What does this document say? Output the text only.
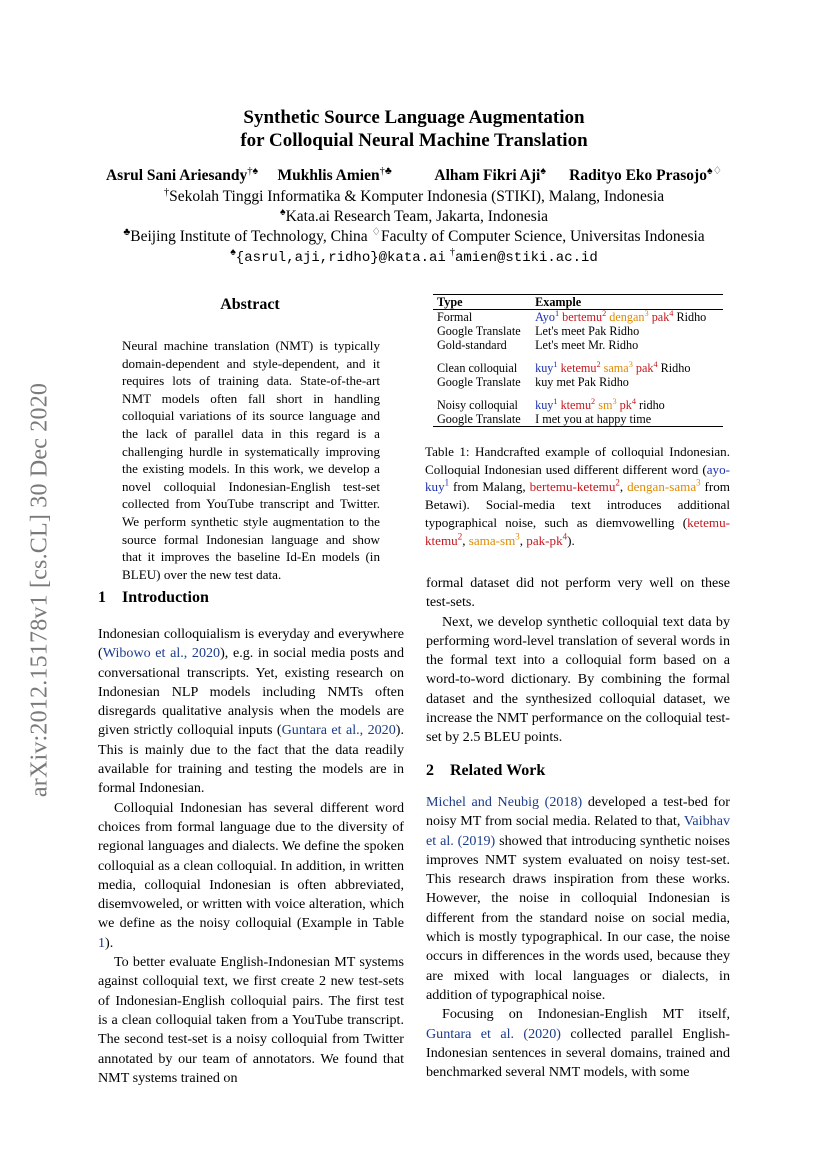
arXiv:2012.15178v1 [cs.CL] 30 Dec 2020
Synthetic Source Language Augmentation
for Colloquial Neural Machine Translation
Asrul Sani Ariesandy†♠ Mukhlis Amien†♣	Alham Fikri Aji♠ Radityo Eko Prasojo♠♢
†Sekolah Tinggi Informatika & Komputer Indonesia (STIKI), Malang, Indonesia
♠Kata.ai Research Team, Jakarta, Indonesia
♣Beijing Institute of Technology, China ♢Faculty of Computer Science, Universitas Indonesia
♠{asrul,aji,ridho}@kata.ai †amien@stiki.ac.id
Abstract
Neural machine translation (NMT) is typically domain-dependent and style-dependent, and it requires lots of training data. State-of-the-art NMT models often fall short in handling colloquial variations of its source language and the lack of parallel data in this regard is a challenging hurdle in systematically improving the existing models. In this work, we develop a novel colloquial Indonesian-English test-set collected from YouTube transcript and Twitter. We perform synthetic style augmentation to the source formal Indonesian language and show that it improves the baseline Id-En models (in BLEU) over the new test data.
Type	Example
Formal	Ayo$^1$ bertemu$^2$ dengan$^3$ pak$^4$ Ridho
Google Translate	Let's meet Pak Ridho
Gold-standard	Let's meet Mr. Ridho

Clean colloquial	kuy$^1$ ketemu$^2$ sama$^3$ pak$^4$ Ridho
Google Translate	kuy met Pak Ridho

Noisy colloquial	kuy$^1$ ktemu$^2$ $sm^3$ $pk^4$ ridho
Google Translate	I met you at happy time
Table 1: Handcrafted example of colloquial Indonesian. Colloquial Indonesian used different different word (ayo-kuy$^1$ from Malang, bertemu-ketemu$^2$, dengan-sama$^3$ from Betawi). Social-media text introduces additional typographical noise, such as diemvowelling (ketemu-ktemu$^2$, sama-$sm^3$, pak-$pk^4$).
1 Introduction

Indonesian colloquialism is everyday and everywhere (Wibowo et al., 2020), e.g. in social media posts and conversational transcripts. Yet, existing research on Indonesian NLP models including NMTs often disregards qualitative analysis when the models are given strictly colloquial inputs (Guntara et al., 2020). This is mainly due to the fact that the data readily available for training and testing the models are in formal Indonesian.

Colloquial Indonesian has several different word choices from formal language due to the diversity of regional languages and dialects. We define the spoken colloquial as a clean colloquial. In addition, in written media, colloquial Indonesian is often abbreviated, disemvoweled, or written with voice alteration, which we define as the noisy colloquial (Example in Table 1).

To better evaluate English-Indonesian MT systems against colloquial text, we first create 2 new test-sets of Indonesian-English colloquial pairs. The first test is a clean colloquial taken from a YouTube transcript. The second test-set is a noisy colloquial from Twitter annotated by our team of annotators. We found that NMT systems trained on

formal dataset did not perform very well on these test-sets.

Next, we develop synthetic colloquial text data by performing word-level translation of several words in the formal text into a colloquial form based on a word-to-word dictionary. By combining the formal dataset and the synthesized colloquial dataset, we increase the NMT performance on the colloquial test-set by 2.5 BLEU points.

2 Related Work

Michel and Neubig (2018) developed a test-bed for noisy MT from social media. Related to that, Vaibhav et al. (2019) showed that introducing synthetic noises improves NMT system evaluated on noisy test-set. This research draws inspiration from these works. However, the noise in colloquial Indonesian is different from the standard noise on social media, which is mostly typographical. In our case, the noise occurs in differences in the words used, because they are mixed with local languages or dialects, in addition of typographical noise.

Focusing on Indonesian-English MT itself, Guntara et al. (2020) collected parallel English-Indonesian sentences in several domains, trained and benchmarked several NMT models, with some
